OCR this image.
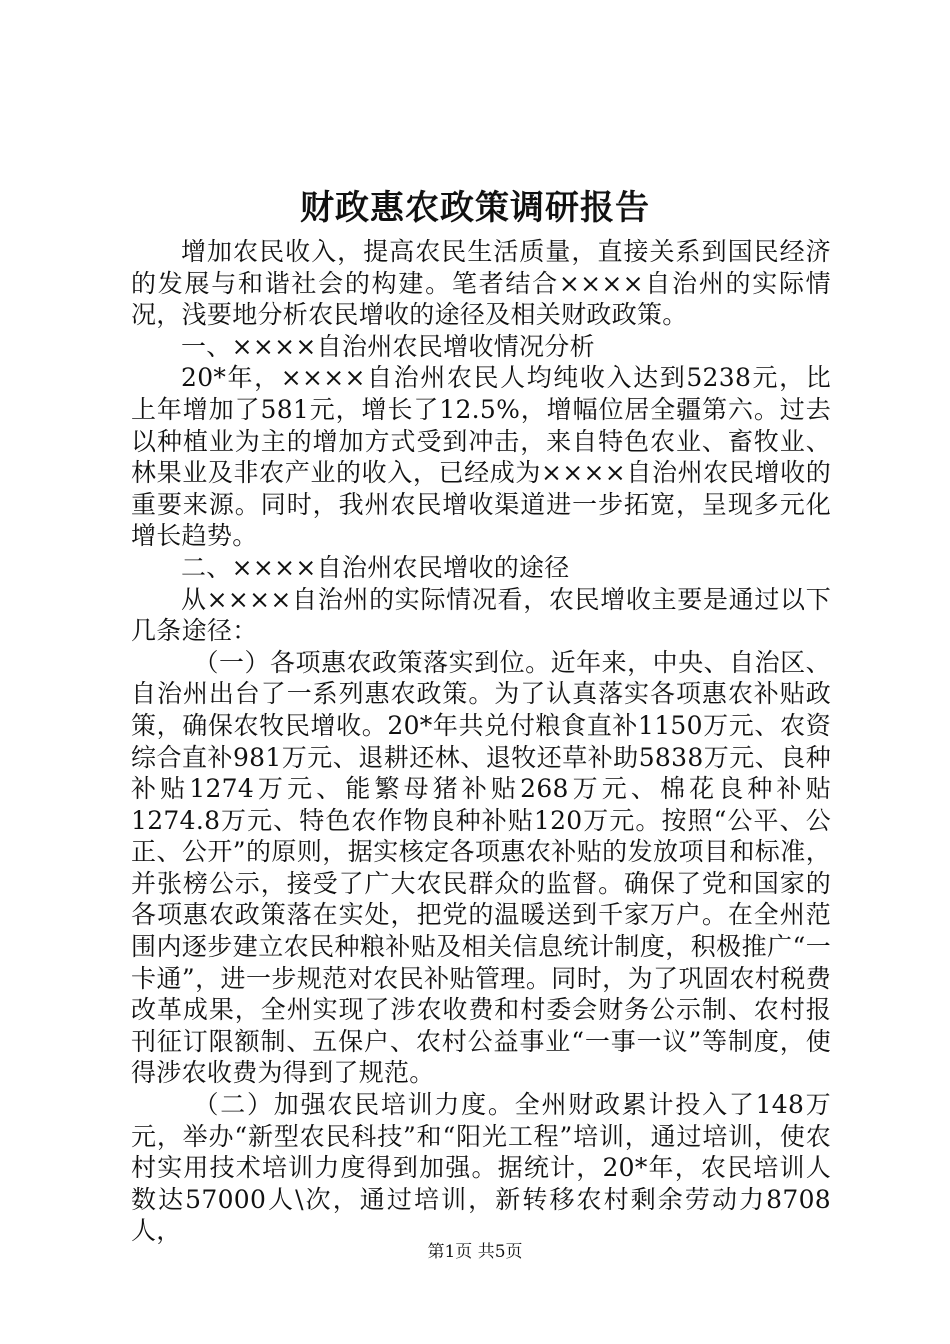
财政惠农政策调研报告

增加农民收入，提高农民生活质量，直接关系到国民经济的发展与和谐社会的构建。笔者结合××××自治州的实际情况，浅要地分析农民增收的途径及相关财政政策。

一、××××自治州农民增收情况分析

20*年，××××自治州农民人均纯收入达到5238元，比上年增加了581元，增长了12.5%，增幅位居全疆第六。过去以种植业为主的增加方式受到冲击，来自特色农业、畜牧业、林果业及非农产业的收入，已经成为××××自治州农民增收的重要来源。同时，我州农民增收渠道进一步拓宽，呈现多元化增长趋势。

二、××××自治州农民增收的途径

从××××自治州的实际情况看，农民增收主要是通过以下几条途径：

（一）各项惠农政策落实到位。近年来，中央、自治区、自治州出台了一系列惠农政策。为了认真落实各项惠农补贴政策，确保农牧民增收。20*年共兑付粮食直补1150万元、农资综合直补981万元、退耕还林、退牧还草补助5838万元、良种补贴1274万元、能繁母猪补贴268万元、棉花良种补贴1274.8万元、特色农作物良种补贴120万元。按照“公平、公正、公开”的原则，据实核定各项惠农补贴的发放项目和标准，并张榜公示，接受了广大农民群众的监督。确保了党和国家的各项惠农政策落在实处，把党的温暖送到千家万户。在全州范围内逐步建立农民种粮补贴及相关信息统计制度，积极推广“一卡通”，进一步规范对农民补贴管理。同时，为了巩固农村税费改革成果，全州实现了涉农收费和村委会财务公示制、农村报刊征订限额制、五保户、农村公益事业“一事一议”等制度，使得涉农收费为得到了规范。

（二）加强农民培训力度。全州财政累计投入了148万元，举办“新型农民科技”和“阳光工程”培训，通过培训，使农村实用技术培训力度得到加强。据统计，20*年，农民培训人数达57000人\次，通过培训，新转移农村剩余劳动力8708人，

第1页 共5页
